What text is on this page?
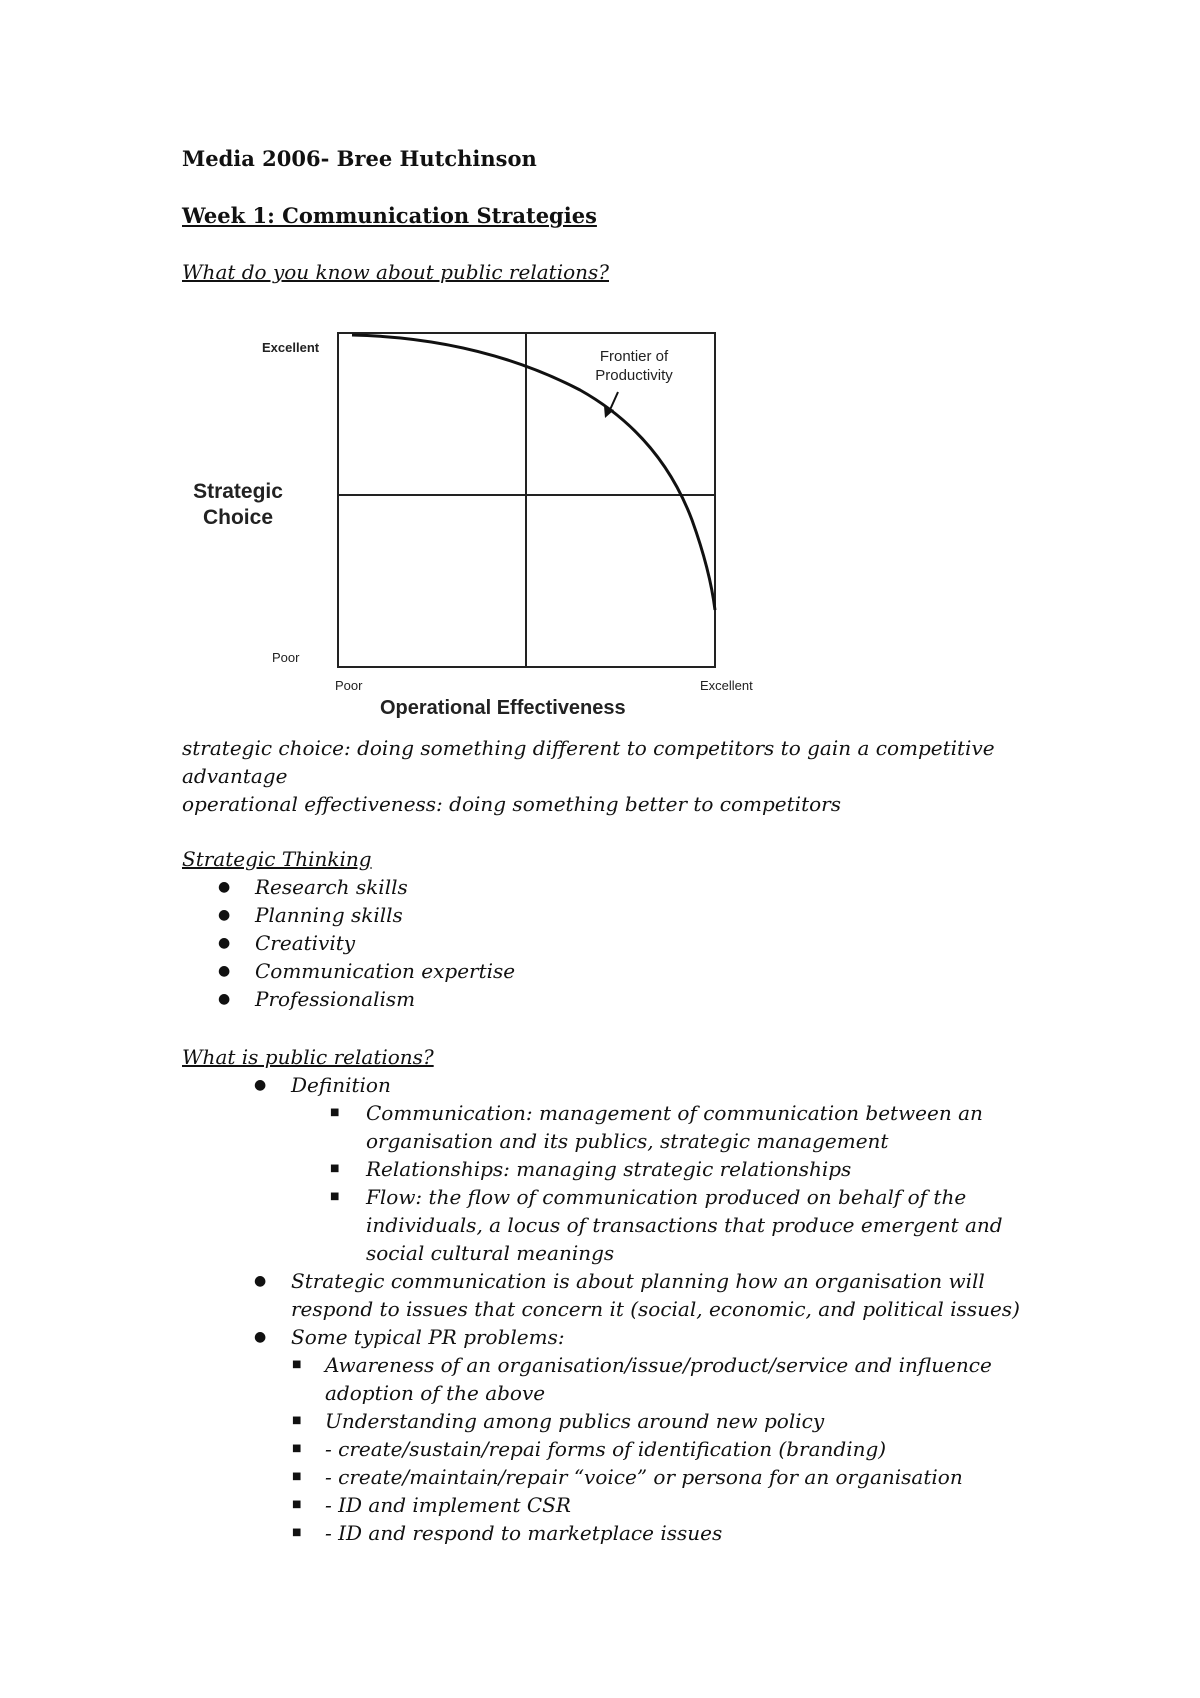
Media 2006- Bree Hutchinson
Week 1: Communication Strategies
What do you know about public relations?
Frontier of
Productivity
Excellent
Poor
Strategic
Choice
Poor	Excellent
Operational Effectiveness

strategic choice: doing something different to competitors to gain a competitive advantage

operational effectiveness: doing something better to competitors

Strategic Thinking
● Research skills
● Planning skills
● Creativity
● Communication expertise
● Professionalism
What is public relations?
● Definition
■ Communication: management of communication between an organisation and its publics, strategic management
■ Relationships: managing strategic relationships
■ Flow: the flow of communication produced on behalf of the individuals, a locus of transactions that produce emergent and social cultural meanings
● Strategic communication is about planning how an organisation will respond to issues that concern it (social, economic, and political issues)
● Some typical PR problems:
■ Awareness of an organisation/issue/product/service and influence adoption of the above
■ Understanding among publics around new policy
■ - create/sustain/repai forms of identification (branding)
■ - create/maintain/repair “voice” or persona for an organisation
■ - ID and implement CSR
■ - ID and respond to marketplace issues
